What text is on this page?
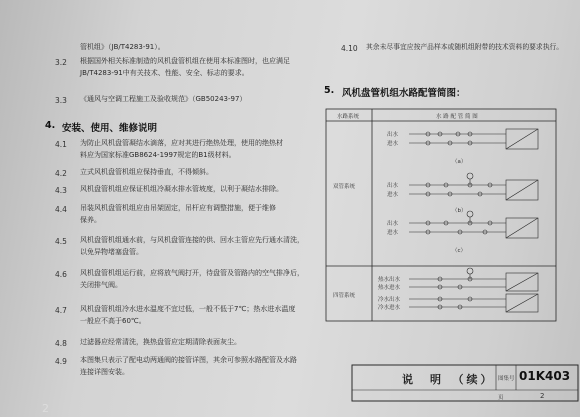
管机组》（JB/T4283-91）。
3.2 根据国外相关标准制造的风机盘管机组在使用本标准图时，也应满足
JB/T4283-91中有关技术、性能、安全、标志的要求。
3.3 《通风与空调工程施工及验收规范》（GB50243-97）
4. 安装、使用、维修说明
4.1 为防止风机盘管凝结水滴落，应对其进行绝热处理，使用的绝热材
料应为国家标准GB8624-1997规定的B1级材料。
4.2 立式风机盘管机组应保持垂直，不得倾斜。
4.3 风机盘管机组应保证机组冷凝水排水管坡度，以利于凝结水排除。
4.4 吊装风机盘管机组应由吊架固定，吊杆应有调整措施，便于维修
保养。
4.5 风机盘管机组通水前，与风机盘管连接的供、回水主管应先行通水清洗，
以免异物堵塞盘管。
4.6 风机盘管机组运行前，应将放气阀打开，待盘管及管路内的空气排净后，
关闭排气阀。
4.7 风机盘管机组冷水进水温度不宜过低，一般不低于7℃；热水进水温度
一般应不高于60℃。
4.8 过滤器应经常清洗，换热盘管应定期清除表面灰尘。
4.9 本图集只表示了配电动两通阀的接管详图，其余可参照水路配管及水路
连接详图安装。
4.10 其余未尽事宜应按产品样本或随机组附带的技术资料的要求执行。
5. 风机盘管机组水路配管简图：
水路系统	水 路 配 管 简 图
双管系统
四管系统
出水
进水
（a）
出水
进水
（b）
出水
进水
（c）
热水出水
热水进水
冷水出水
冷水进水
说　明　（续） 图集号 01K403
页	2
2
